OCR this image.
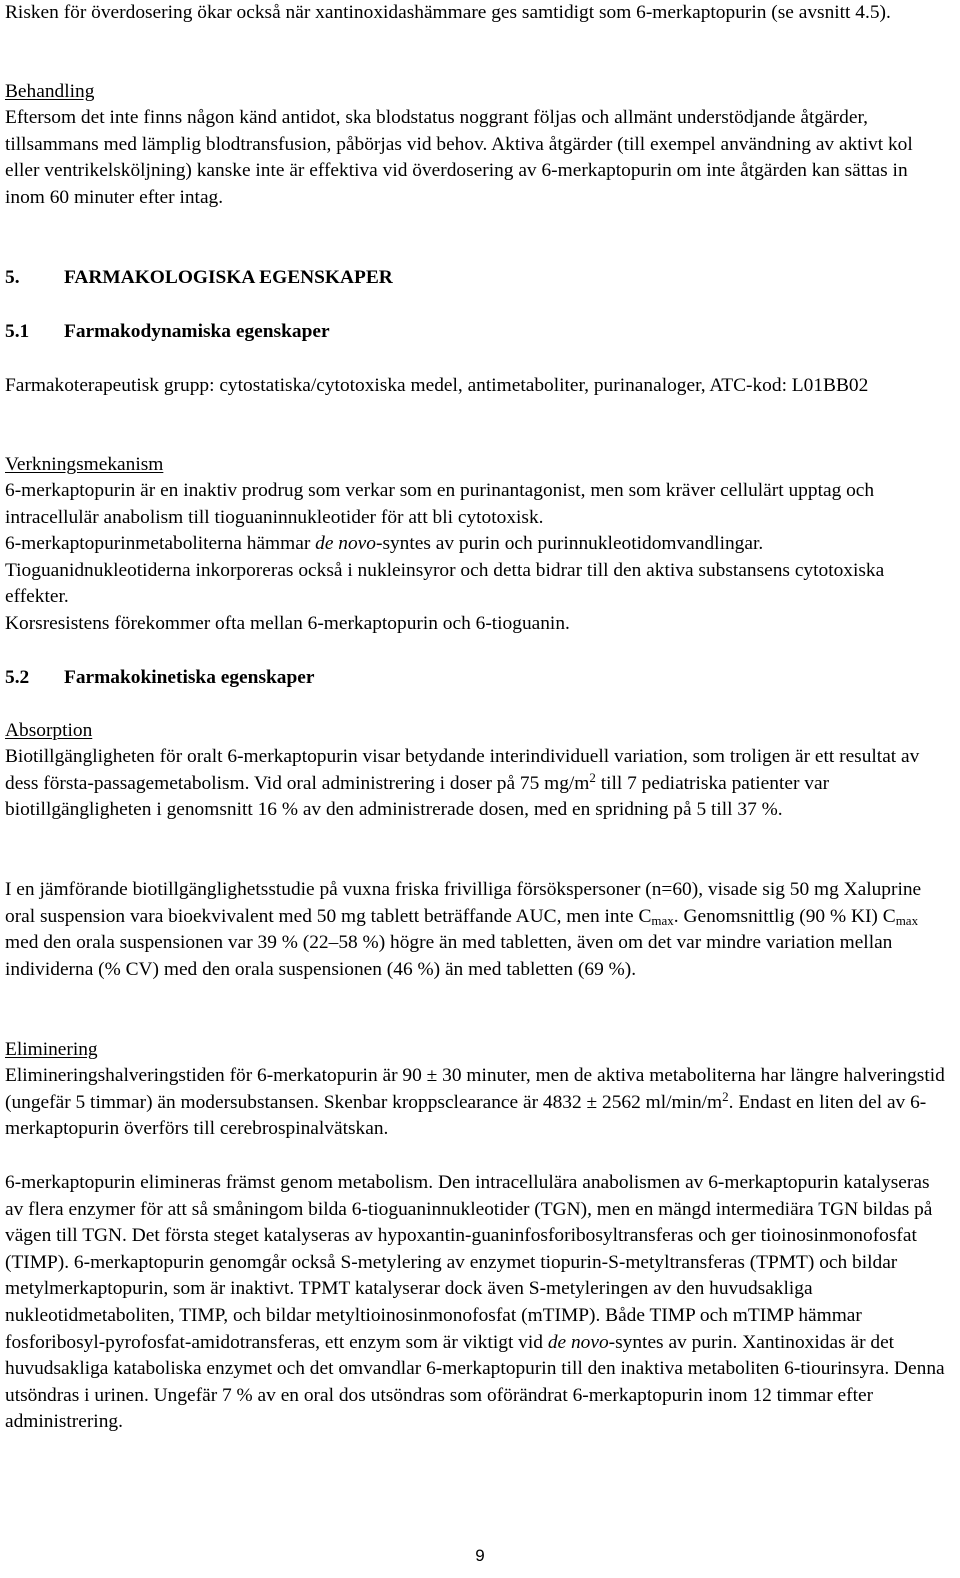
Risken för överdosering ökar också när xantinoxidashämmare ges samtidigt som 6-merkaptopurin (se avsnitt 4.5).

Behandling

Eftersom det inte finns någon känd antidot, ska blodstatus noggrant följas och allmänt understödjande åtgärder, tillsammans med lämplig blodtransfusion, påbörjas vid behov. Aktiva åtgärder (till exempel användning av aktivt kol eller ventrikelsköljning) kanske inte är effektiva vid överdosering av 6-merkaptopurin om inte åtgärden kan sättas in inom 60 minuter efter intag.

5. FARMAKOLOGISKA EGENSKAPER

5.1 Farmakodynamiska egenskaper

Farmakoterapeutisk grupp: cytostatiska/cytotoxiska medel, antimetaboliter, purinanaloger, ATC-kod: L01BB02

Verkningsmekanism

6-merkaptopurin är en inaktiv prodrug som verkar som en purinantagonist, men som kräver cellulärt upptag och intracellulär anabolism till tioguaninnukleotider för att bli cytotoxisk.

6-merkaptopurinmetaboliterna hämmar de novo-syntes av purin och purinnukleotidomvandlingar.

Tioguanidnukleotiderna inkorporeras också i nukleinsyror och detta bidrar till den aktiva substansens cytotoxiska effekter.

Korsresistens förekommer ofta mellan 6-merkaptopurin och 6-tioguanin.

5.2 Farmakokinetiska egenskaper

Absorption

Biotillgängligheten för oralt 6-merkaptopurin visar betydande interindividuell variation, som troligen är ett resultat av dess första-passagemetabolism. Vid oral administrering i doser på 75 $mg/m^2$ till 7 pediatriska patienter var biotillgängligheten i genomsnitt 16 % av den administrerade dosen, med en spridning på 5 till 37 %.

I en jämförande biotillgänglighetsstudie på vuxna friska frivilliga försökspersoner (n=60), visade sig 50 mg Xaluprine oral suspension vara bioekvivalent med 50 mg tablett beträffande AUC, men inte $C_{max}$. Genomsnittlig (90 % KI) $C_{max}$ med den orala suspensionen var 39 % (22–58 %) högre än med tabletten, även om det var mindre variation mellan individerna (% CV) med den orala suspensionen (46 %) än med tabletten (69 %).

Eliminering

Elimineringshalveringstiden för 6-merkatopurin är 90 ± 30 minuter, men de aktiva metaboliterna har längre halveringstid (ungefär 5 timmar) än modersubstansen. Skenbar kroppsclearance är 4832 ± 2562 $ml/\min/m^2$. Endast en liten del av 6-merkaptopurin överförs till cerebrospinalvätskan.

6-merkaptopurin elimineras främst genom metabolism. Den intracellulära anabolismen av 6-merkaptopurin katalyseras av flera enzymer för att så småningom bilda 6-tioguaninnukleotider (TGN), men en mängd intermediära TGN bildas på vägen till TGN. Det första steget katalyseras av hypoxantin-guaninfosforibosyltransferas och ger tioinosinmonofosfat (TIMP). 6-merkaptopurin genomgår också S-metylering av enzymet tiopurin-S-metyltransferas (TPMT) och bildar metylmerkaptopurin, som är inaktivt. TPMT katalyserar dock även S-metyleringen av den huvudsakliga nukleotidmetaboliten, TIMP, och bildar metyltioinosinmonofosfat (mTIMP). Både TIMP och mTIMP hämmar fosforibosyl-pyrofosfat-amidotransferas, ett enzym som är viktigt vid de novo-syntes av purin. Xantinoxidas är det huvudsakliga kataboliska enzymet och det omvandlar 6-merkaptopurin till den inaktiva metaboliten 6-tiourinsyra. Denna utsöndras i urinen. Ungefär 7 % av en oral dos utsöndras som oförändrat 6-merkaptopurin inom 12 timmar efter administrering.

9
